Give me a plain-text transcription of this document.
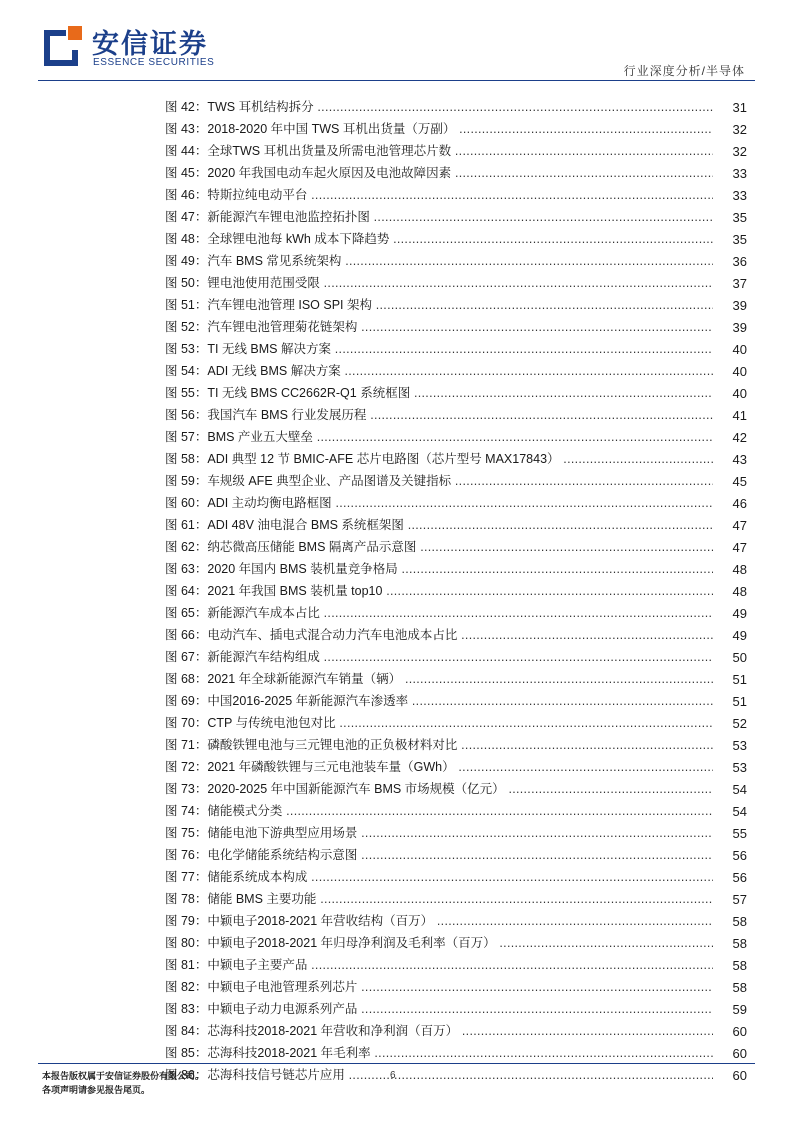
安信证券
ESSENCE SECURITIES
行业深度分析/半导体
图 42：TWS 耳机结构拆分 .....	31
图 43：2018-2020 年中国 TWS 耳机出货量（万副） .....	32
图 44：全球TWS 耳机出货量及所需电池管理芯片数 .....	32
图 45：2020 年我国电动车起火原因及电池故障因素 .....	33
图 46：特斯拉纯电动平台 .....	33
图 47：新能源汽车锂电池监控拓扑图 .....	35
图 48：全球锂电池每 kWh 成本下降趋势 .....	35
图 49：汽车 BMS 常见系统架构 .....	36
图 50：锂电池使用范围受限 .....	37
图 51：汽车锂电池管理 ISO SPI 架构 .....	39
图 52：汽车锂电池管理菊花链架构 .....	39
图 53：TI 无线 BMS 解决方案 .....	40
图 54：ADI 无线 BMS 解决方案 .....	40
图 55：TI 无线 BMS CC2662R-Q1 系统框图 .....	40
图 56：我国汽车 BMS 行业发展历程 .....	41
图 57：BMS 产业五大壁垒 .....	42
图 58：ADI 典型 12 节 BMIC-AFE 芯片电路图（芯片型号 MAX17843） .....	43
图 59：车规级 AFE 典型企业、产品图谱及关键指标 .....	45
图 60：ADI 主动均衡电路框图 .....	46
图 61：ADI 48V 油电混合 BMS 系统框架图 .....	47
图 62：纳芯微高压储能 BMS 隔离产品示意图 .....	47
图 63：2020 年国内 BMS 装机量竞争格局 .....	48
图 64：2021 年我国 BMS 装机量 top10 .....	48
图 65：新能源汽车成本占比 .....	49
图 66：电动汽车、插电式混合动力汽车电池成本占比 .....	49
图 67：新能源汽车结构组成 .....	50
图 68：2021 年全球新能源汽车销量（辆） .....	51
图 69：中国2016-2025 年新能源汽车渗透率 .....	51
图 70：CTP 与传统电池包对比 .....	52
图 71：磷酸铁锂电池与三元锂电池的正负极材料对比 .....	53
图 72：2021 年磷酸铁锂与三元电池装车量（GWh） .....	53
图 73：2020-2025 年中国新能源汽车 BMS 市场规模（亿元） .....	54
图 74：储能模式分类 .....	54
图 75：储能电池下游典型应用场景 .....	55
图 76：电化学储能系统结构示意图 .....	56
图 77：储能系统成本构成 .....	56
图 78：储能 BMS 主要功能 .....	57
图 79：中颖电子2018-2021 年营收结构（百万） .....	58
图 80：中颖电子2018-2021 年归母净利润及毛利率（百万） .....	58
图 81：中颖电子主要产品 .....	58
图 82：中颖电子电池管理系列芯片 .....	58
图 83：中颖电子动力电源系列产品 .....	59
图 84：芯海科技2018-2021 年营收和净利润（百万） .....	60
图 85：芯海科技2018-2021 年毛利率 .....	60
图 86：芯海科技信号链芯片应用 .....	60
本报告版权属于安信证券股份有限公司。
各项声明请参见报告尾页。
6
